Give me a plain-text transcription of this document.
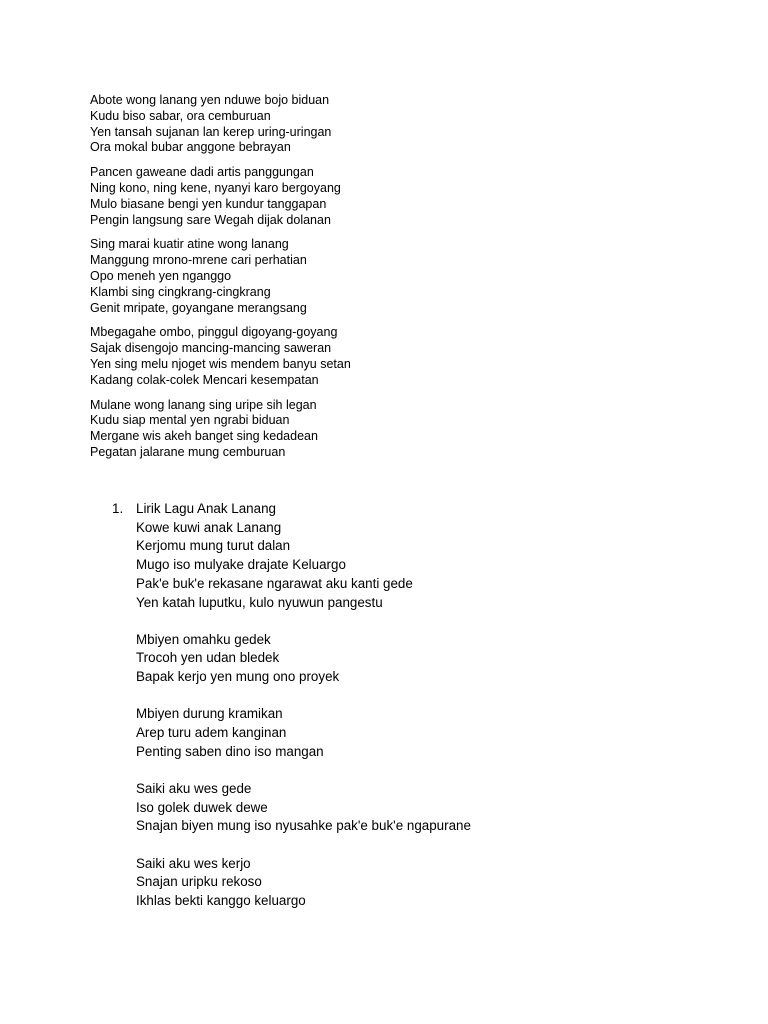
Abote wong lanang yen nduwe bojo biduan
Kudu biso sabar, ora cemburuan
Yen tansah sujanan lan kerep uring-uringan
Ora mokal bubar anggone bebrayan
Pancen gaweane dadi artis panggungan
Ning kono, ning kene, nyanyi karo bergoyang
Mulo biasane bengi yen kundur tanggapan
Pengin langsung sare Wegah dijak dolanan
Sing marai kuatir atine wong lanang
Manggung mrono-mrene cari perhatian
Opo meneh yen nganggo
Klambi sing cingkrang-cingkrang
Genit mripate, goyangane merangsang
Mbegagahe ombo, pinggul digoyang-goyang
Sajak disengojo mancing-mancing saweran
Yen sing melu njoget wis mendem banyu setan
Kadang colak-colek Mencari kesempatan
Mulane wong lanang sing uripe sih legan
Kudu siap mental yen ngrabi biduan
Mergane wis akeh banget sing kedadean
Pegatan jalarane mung cemburuan
1. Lirik Lagu Anak Lanang
Kowe kuwi anak Lanang
Kerjomu mung turut dalan
Mugo iso mulyake drajate Keluargo
Pak'e buk'e rekasane ngarawat aku kanti gede
Yen katah luputku, kulo nyuwun pangestu
Mbiyen omahku gedek
Trocoh yen udan bledek
Bapak kerjo yen mung ono proyek
Mbiyen durung kramikan
Arep turu adem kanginan
Penting saben dino iso mangan
Saiki aku wes gede
Iso golek duwek dewe
Snajan biyen mung iso nyusahke pak'e buk'e ngapurane
Saiki aku wes kerjo
Snajan uripku rekoso
Ikhlas bekti kanggo keluargo
